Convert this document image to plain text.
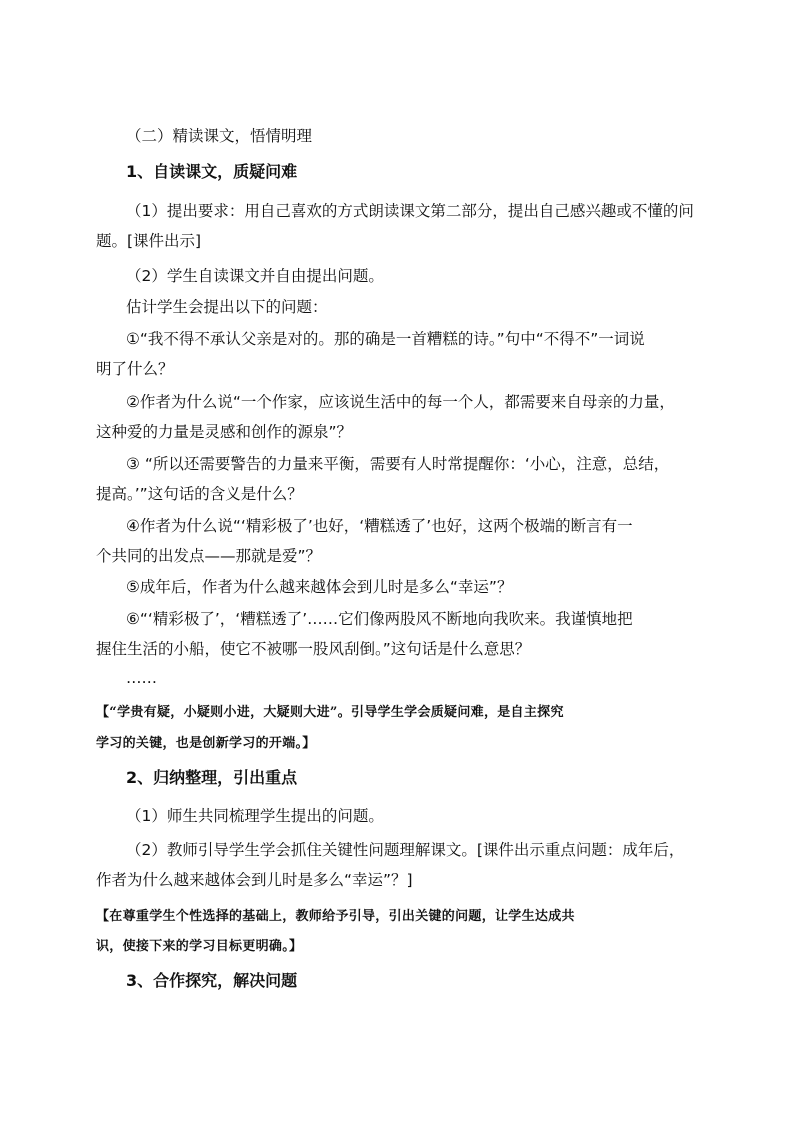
（二）精读课文，悟情明理
1、自读课文，质疑问难
（1）提出要求：用自己喜欢的方式朗读课文第二部分，提出自己感兴趣或不懂的问
题。[课件出示]
（2）学生自读课文并自由提出问题。
估计学生会提出以下的问题：
①“我不得不承认父亲是对的。那的确是一首糟糕的诗。”句中“不得不”一词说
明了什么？
②作者为什么说“一个作家，应该说生活中的每一个人，都需要来自母亲的力量，
这种爱的力量是灵感和创作的源泉”？
③ “所以还需要警告的力量来平衡，需要有人时常提醒你：‘小心，注意，总结，
提高。’”这句话的含义是什么？
④作者为什么说“‘精彩极了’也好，‘糟糕透了’也好，这两个极端的断言有一
个共同的出发点——那就是爱”？
⑤成年后，作者为什么越来越体会到儿时是多么“幸运”？
⑥“‘精彩极了’，‘糟糕透了’……它们像两股风不断地向我吹来。我谨慎地把
握住生活的小船，使它不被哪一股风刮倒。”这句话是什么意思？
……
【“学贵有疑，小疑则小进，大疑则大进”。引导学生学会质疑问难，是自主探究
学习的关键，也是创新学习的开端。】
2、归纳整理，引出重点
（1）师生共同梳理学生提出的问题。
（2）教师引导学生学会抓住关键性问题理解课文。[课件出示重点问题：成年后，
作者为什么越来越体会到儿时是多么“幸运”？]
【在尊重学生个性选择的基础上，教师给予引导，引出关键的问题，让学生达成共
识，使接下来的学习目标更明确。】
3、合作探究，解决问题
